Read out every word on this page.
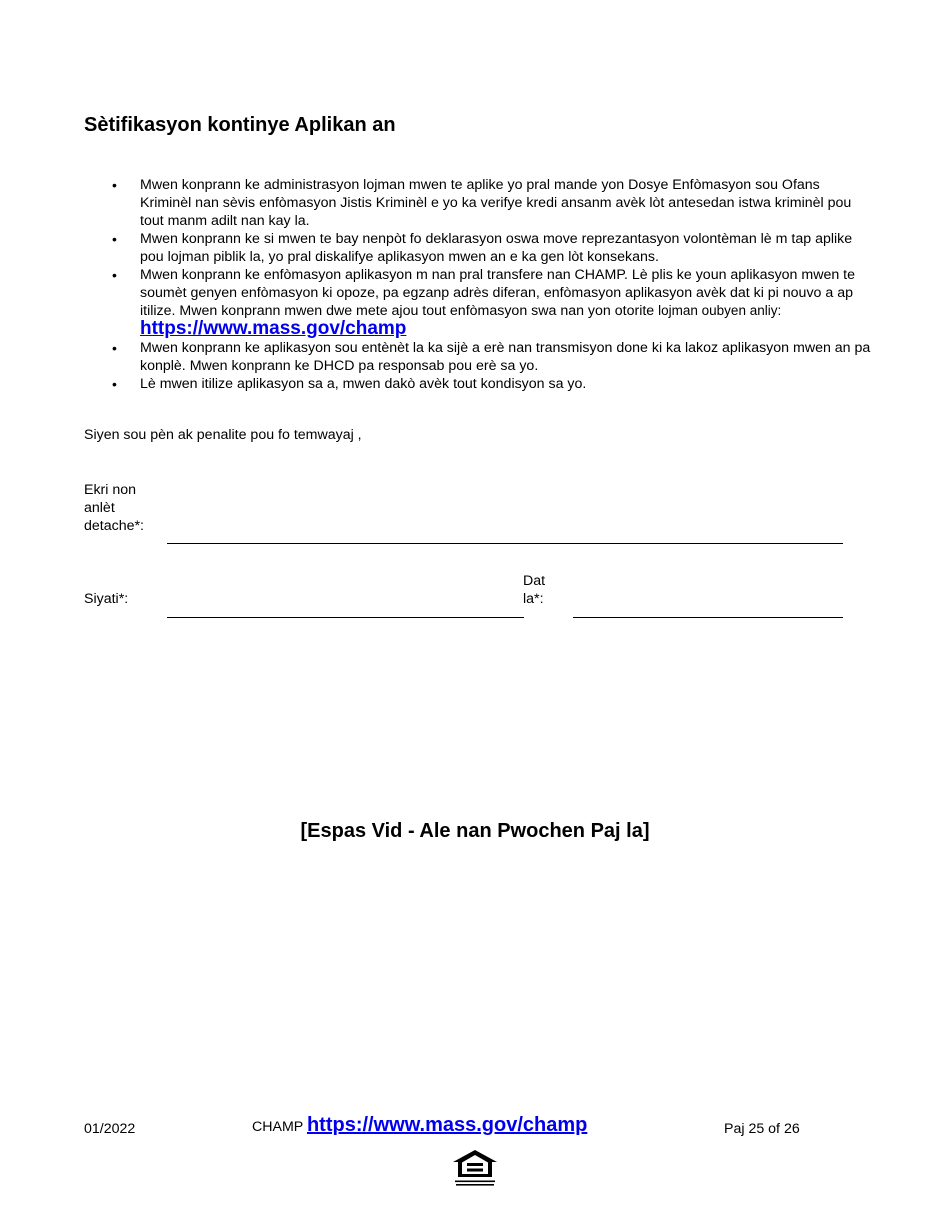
Sètifikasyon kontinye Aplikan an
• Mwen konprann ke administrasyon lojman mwen te aplike yo pral mande yon Dosye Enfòmasyon sou Ofans Kriminèl nan sèvis enfòmasyon Jistis Kriminèl e yo ka verifye kredi ansanm avèk lòt antesedan istwa kriminèl pou tout manm adilt nan kay la.
• Mwen konprann ke si mwen te bay nenpòt fo deklarasyon oswa move reprezantasyon volontèman lè m tap aplike pou lojman piblik la, yo pral diskalifye aplikasyon mwen an e ka gen lòt konsekans.
• Mwen konprann ke enfòmasyon aplikasyon m nan pral transfere nan CHAMP. Lè plis ke youn aplikasyon mwen te soumèt genyen enfòmasyon ki opoze, pa egzanp adrès diferan, enfòmasyon aplikasyon avèk dat ki pi nouvo a ap itilize. Mwen konprann mwen dwe mete ajou tout enfòmasyon swa nan yon otorite lojman oubyen anliy: https://www.mass.gov/champ
• Mwen konprann ke aplikasyon sou entènèt la ka sijè a erè nan transmisyon done ki ka lakoz aplikasyon mwen an pa konplè. Mwen konprann ke DHCD pa responsab pou erè sa yo.
• Lè mwen itilize aplikasyon sa a, mwen dakò avèk tout kondisyon sa yo.

Siyen sou pèn ak penalite pou fo temwayaj ,

Ekri non anlèt detache*:
Siyati*:
Dat la*:
[Espas Vid - Ale nan Pwochen Paj la]
01/2022	CHAMP https://www.mass.gov/champ	Paj 25 of 26
